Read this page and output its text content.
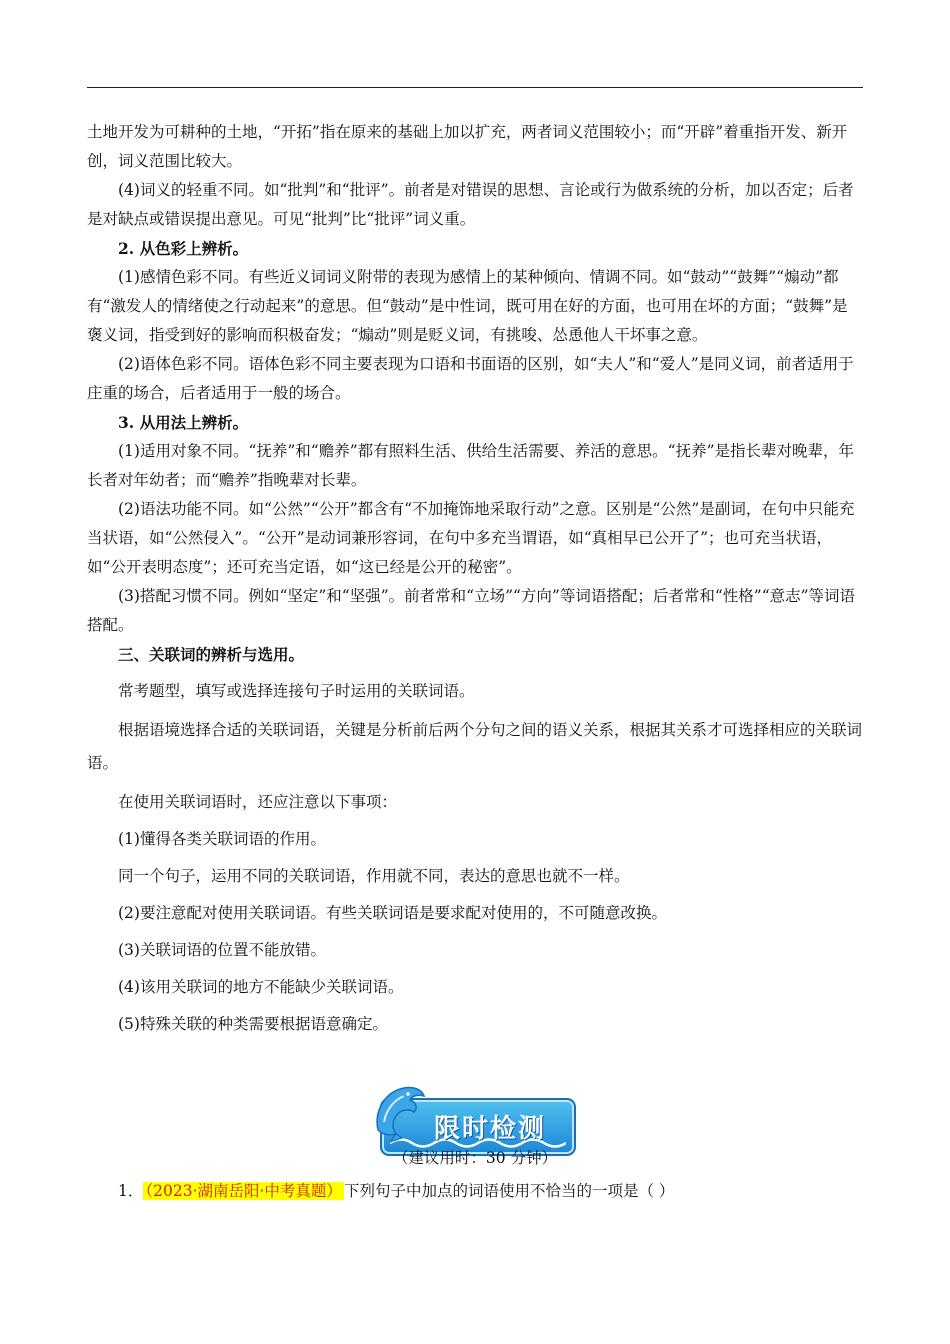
土地开发为可耕种的土地，“开拓”指在原来的基础上加以扩充，两者词义范围较小；而“开辟”着重指开发、新开创，词义范围比较大。

(4)词义的轻重不同。如“批判”和“批评”。前者是对错误的思想、言论或行为做系统的分析，加以否定；后者是对缺点或错误提出意见。可见“批判”比“批评”词义重。

2. 从色彩上辨析。

(1)感情色彩不同。有些近义词词义附带的表现为感情上的某种倾向、情调不同。如“鼓动”“鼓舞”“煽动”都有“激发人的情绪使之行动起来”的意思。但“鼓动”是中性词，既可用在好的方面，也可用在坏的方面；“鼓舞”是褒义词，指受到好的影响而积极奋发；“煽动”则是贬义词，有挑唆、怂恿他人干坏事之意。

(2)语体色彩不同。语体色彩不同主要表现为口语和书面语的区别，如“夫人”和“爱人”是同义词，前者适用于庄重的场合，后者适用于一般的场合。

3. 从用法上辨析。

(1)适用对象不同。“抚养”和“赡养”都有照料生活、供给生活需要、养活的意思。“抚养”是指长辈对晚辈，年长者对年幼者；而“赡养”指晚辈对长辈。

(2)语法功能不同。如“公然”“公开”都含有“不加掩饰地采取行动”之意。区别是“公然”是副词，在句中只能充当状语，如“公然侵入”。“公开”是动词兼形容词，在句中多充当谓语，如“真相早已公开了”；也可充当状语，如“公开表明态度”；还可充当定语，如“这已经是公开的秘密”。

(3)搭配习惯不同。例如“坚定”和“坚强”。前者常和“立场”“方向”等词语搭配；后者常和“性格”“意志”等词语搭配。

三、关联词的辨析与选用。

常考题型，填写或选择连接句子时运用的关联词语。

根据语境选择合适的关联词语，关键是分析前后两个分句之间的语义关系，根据其关系才可选择相应的关联词语。

在使用关联词语时，还应注意以下事项：

(1)懂得各类关联词语的作用。

同一个句子，运用不同的关联词语，作用就不同，表达的意思也就不一样。

(2)要注意配对使用关联词语。有些关联词语是要求配对使用的，不可随意改换。

(3)关联词语的位置不能放错。

(4)该用关联词的地方不能缺少关联词语。

(5)特殊关联的种类需要根据语意确定。

限时检测
（建议用时：30 分钟）
1． （2023·湖南岳阳·中考真题） 下列句子中加点的词语使用不恰当的一项是（ ）
